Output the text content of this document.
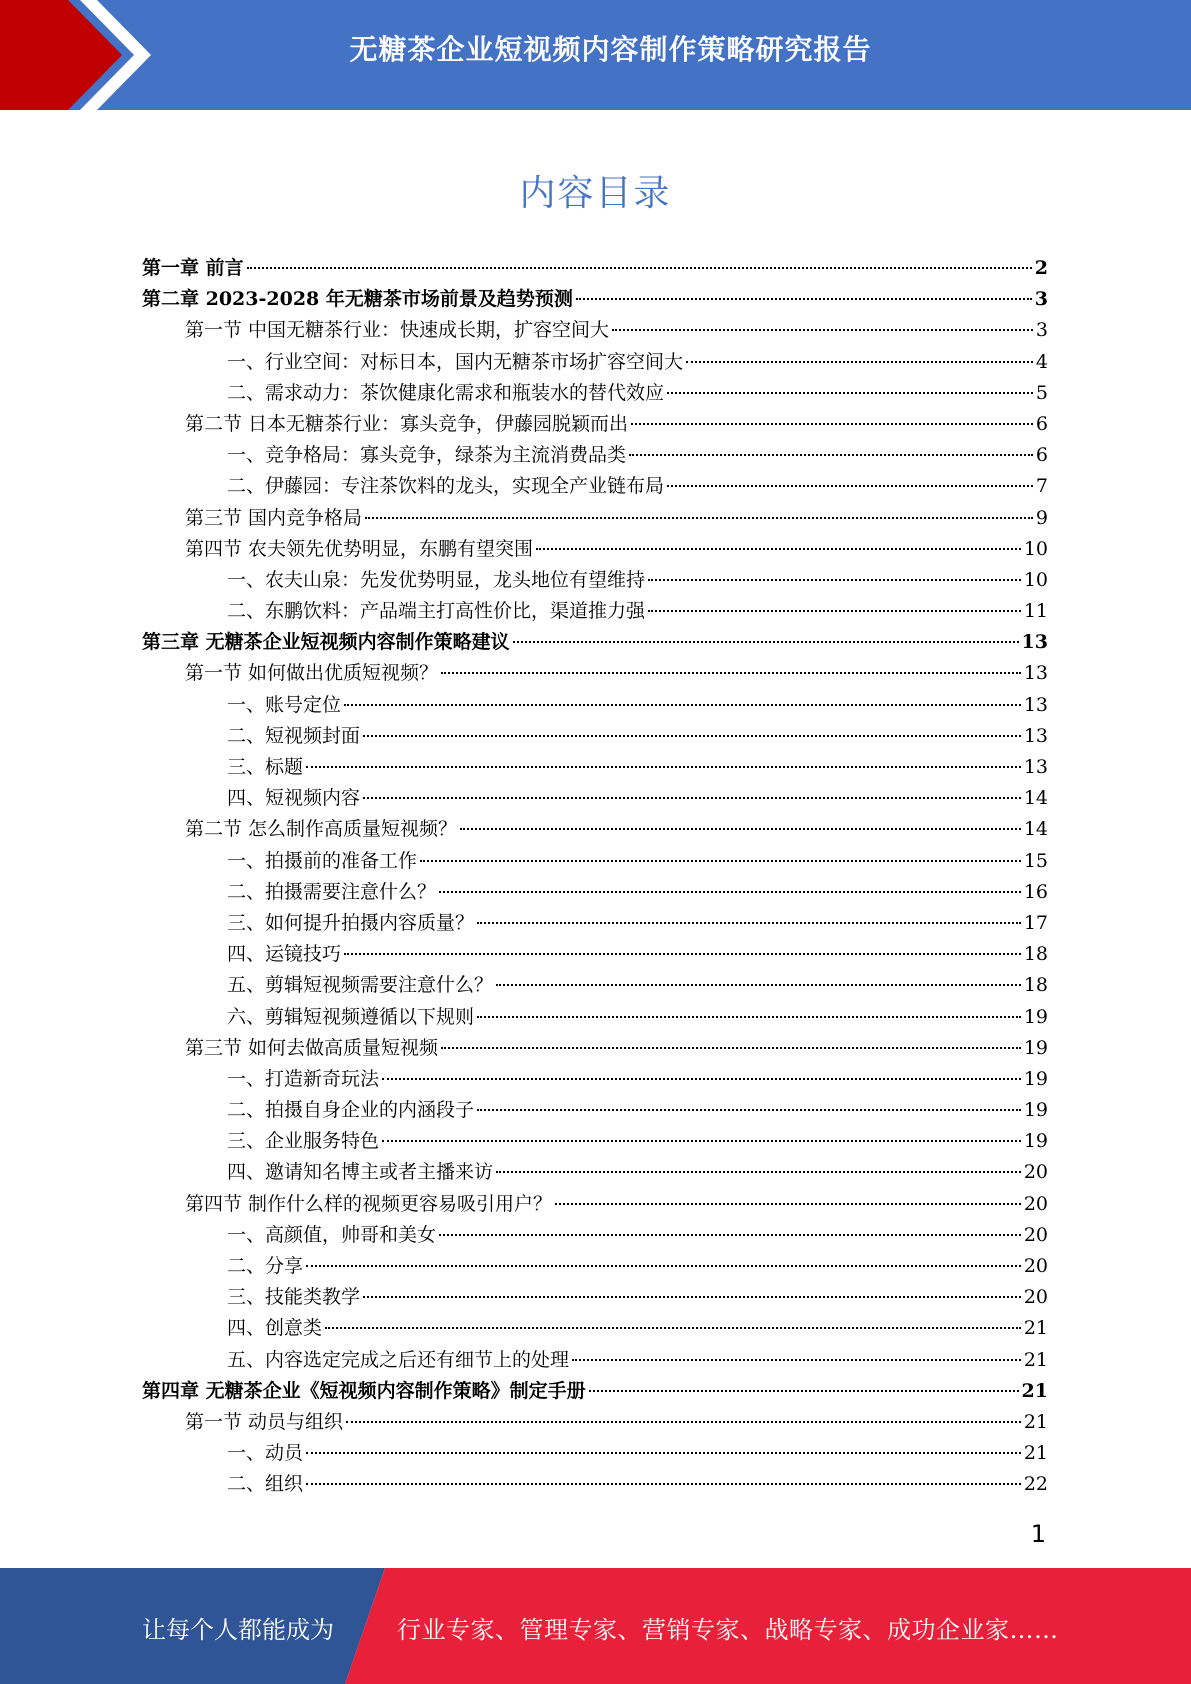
无糖茶企业短视频内容制作策略研究报告
内容目录
第一章 前言	2
第二章 2023-2028 年无糖茶市场前景及趋势预测	3
第一节 中国无糖茶行业：快速成长期，扩容空间大	3
一、行业空间：对标日本，国内无糖茶市场扩容空间大	4
二、需求动力：茶饮健康化需求和瓶装水的替代效应	5
第二节 日本无糖茶行业：寡头竞争，伊藤园脱颖而出	6
一、竞争格局：寡头竞争，绿茶为主流消费品类	6
二、伊藤园：专注茶饮料的龙头，实现全产业链布局	7
第三节 国内竞争格局	9
第四节 农夫领先优势明显，东鹏有望突围	10
一、农夫山泉：先发优势明显，龙头地位有望维持	10
二、东鹏饮料：产品端主打高性价比，渠道推力强	11
第三章 无糖茶企业短视频内容制作策略建议	13
第一节 如何做出优质短视频？	13
一、账号定位	13
二、短视频封面	13
三、标题	13
四、短视频内容	14
第二节 怎么制作高质量短视频？	14
一、拍摄前的准备工作	15
二、拍摄需要注意什么？	16
三、如何提升拍摄内容质量？	17
四、运镜技巧	18
五、剪辑短视频需要注意什么？	18
六、剪辑短视频遵循以下规则	19
第三节 如何去做高质量短视频	19
一、打造新奇玩法	19
二、拍摄自身企业的内涵段子	19
三、企业服务特色	19
四、邀请知名博主或者主播来访	20
第四节 制作什么样的视频更容易吸引用户？	20
一、高颜值，帅哥和美女	20
二、分享	20
三、技能类教学	20
四、创意类	21
五、内容选定完成之后还有细节上的处理	21
第四章 无糖茶企业《短视频内容制作策略》制定手册	21
第一节 动员与组织	21
一、动员	21
二、组织	22
1
让每个人都能成为	行业专家、管理专家、营销专家、战略专家、成功企业家……
